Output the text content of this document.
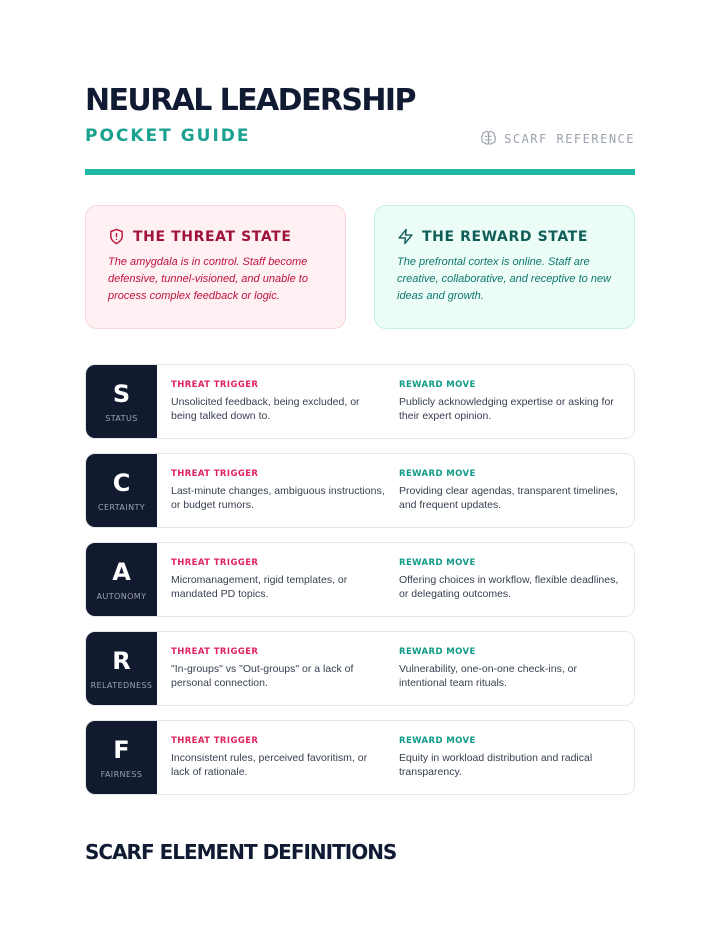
NEURAL LEADERSHIP
POCKET GUIDE	SCARF REFERENCE
THE THREAT STATE

The amygdala is in control. Staff become defensive, tunnel-visioned, and unable to process complex feedback or logic.

THE REWARD STATE

The prefrontal cortex is online. Staff are creative, collaborative, and receptive to new ideas and growth.

S
STATUS
THREAT TRIGGER
Unsolicited feedback, being excluded, or being talked down to.
REWARD MOVE
Publicly acknowledging expertise or asking for their expert opinion.
C
CERTAINTY
THREAT TRIGGER
Last-minute changes, ambiguous instructions, or budget rumors.
REWARD MOVE
Providing clear agendas, transparent timelines, and frequent updates.
A
AUTONOMY
THREAT TRIGGER
Micromanagement, rigid templates, or mandated PD topics.
REWARD MOVE
Offering choices in workflow, flexible deadlines, or delegating outcomes.
R
RELATEDNESS
THREAT TRIGGER
"In-groups" vs "Out-groups" or a lack of personal connection.
REWARD MOVE
Vulnerability, one-on-one check-ins, or intentional team rituals.
F
FAIRNESS
THREAT TRIGGER
Inconsistent rules, perceived favoritism, or lack of rationale.
REWARD MOVE
Equity in workload distribution and radical transparency.
SCARF ELEMENT DEFINITIONS
